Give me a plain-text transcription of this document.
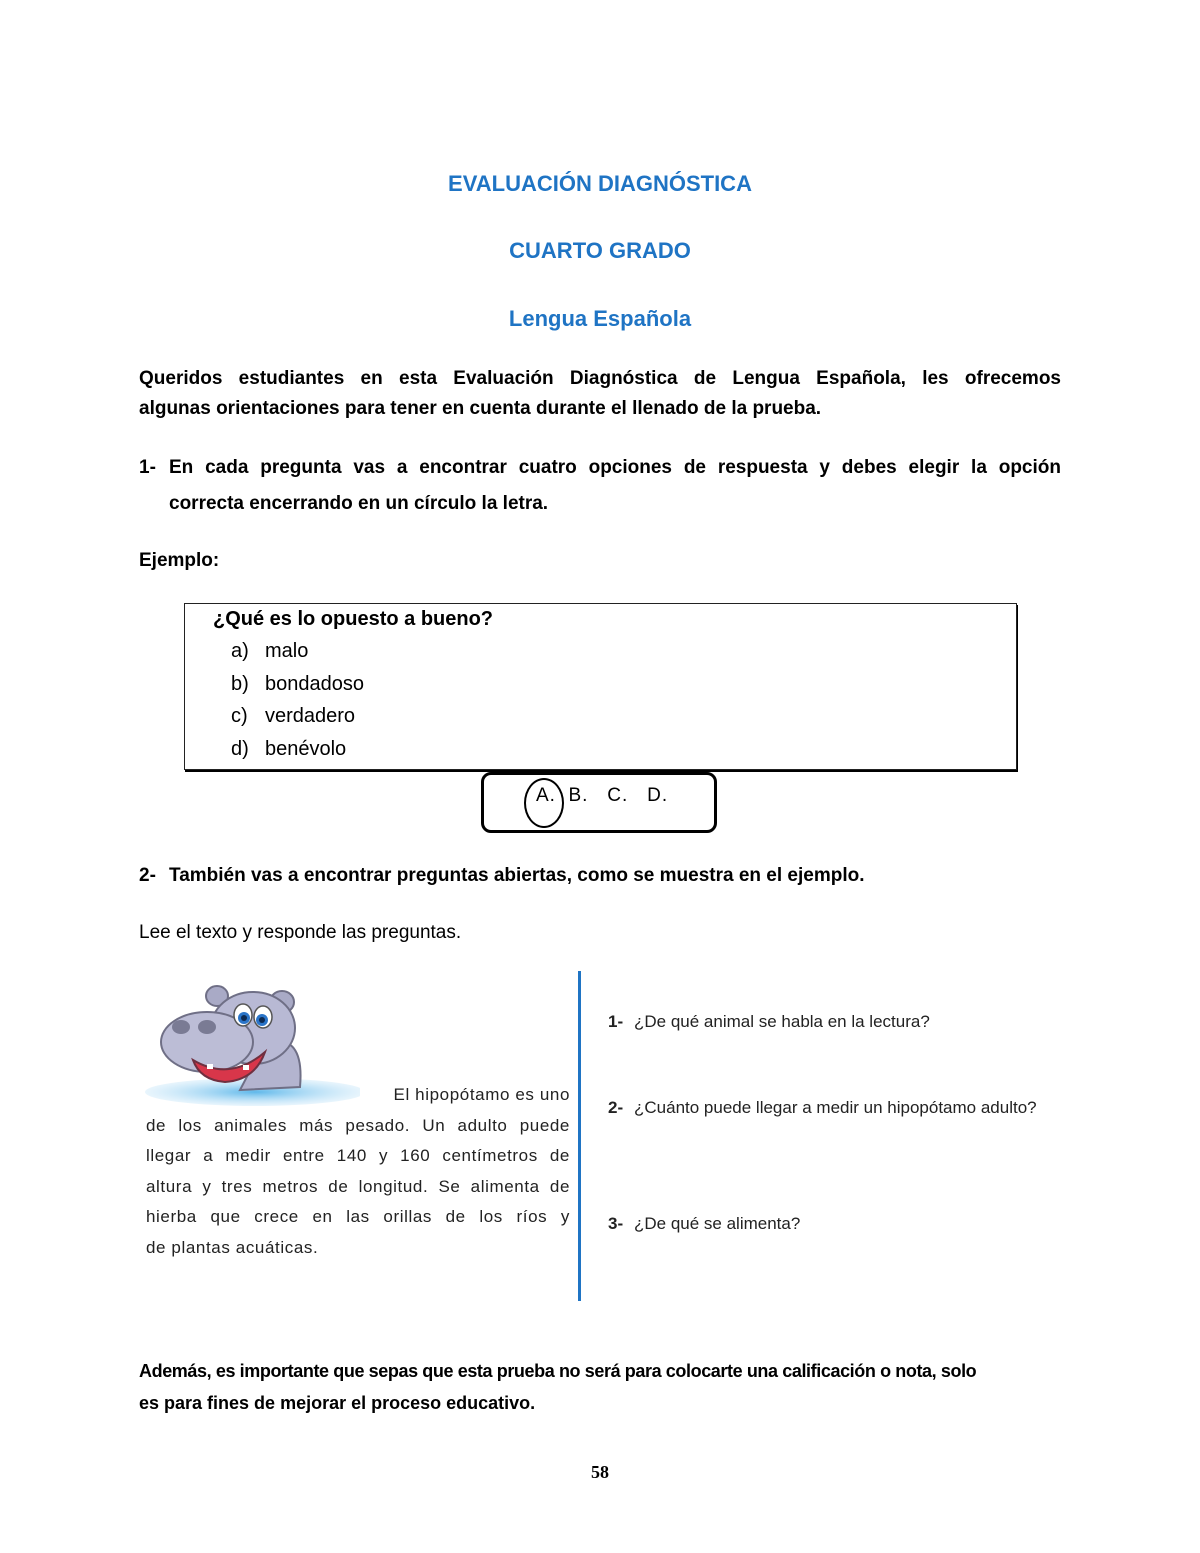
EVALUACIÓN DIAGNÓSTICA
CUARTO GRADO
Lengua Española
Queridos estudiantes en esta Evaluación Diagnóstica de Lengua Española, les ofrecemos
algunas orientaciones para tener en cuenta durante el llenado de la prueba.
1- En cada pregunta vas a encontrar cuatro opciones de respuesta y debes elegir la opción
correcta encerrando en un círculo la letra.
Ejemplo:
¿Qué es lo opuesto a bueno?
a) malo
b) bondadoso
c) verdadero
d) benévolo
A.  B.   C.   D.
2- También vas a encontrar preguntas abiertas, como se muestra en el ejemplo.
Lee el texto y responde las preguntas.
El hipopótamo es uno
de los animales más pesado. Un adulto puede
llegar a medir entre 140 y 160 centímetros de
altura y tres metros de longitud. Se alimenta de
hierba que crece en las orillas de los ríos y
de plantas acuáticas.
1- ¿De qué animal se habla en la lectura?
2- ¿Cuánto puede llegar a medir un hipopótamo adulto?
3- ¿De qué se alimenta?
Además, es importante que sepas que esta prueba no será para colocarte una calificación o nota, solo
es para fines de mejorar el proceso educativo.
58
